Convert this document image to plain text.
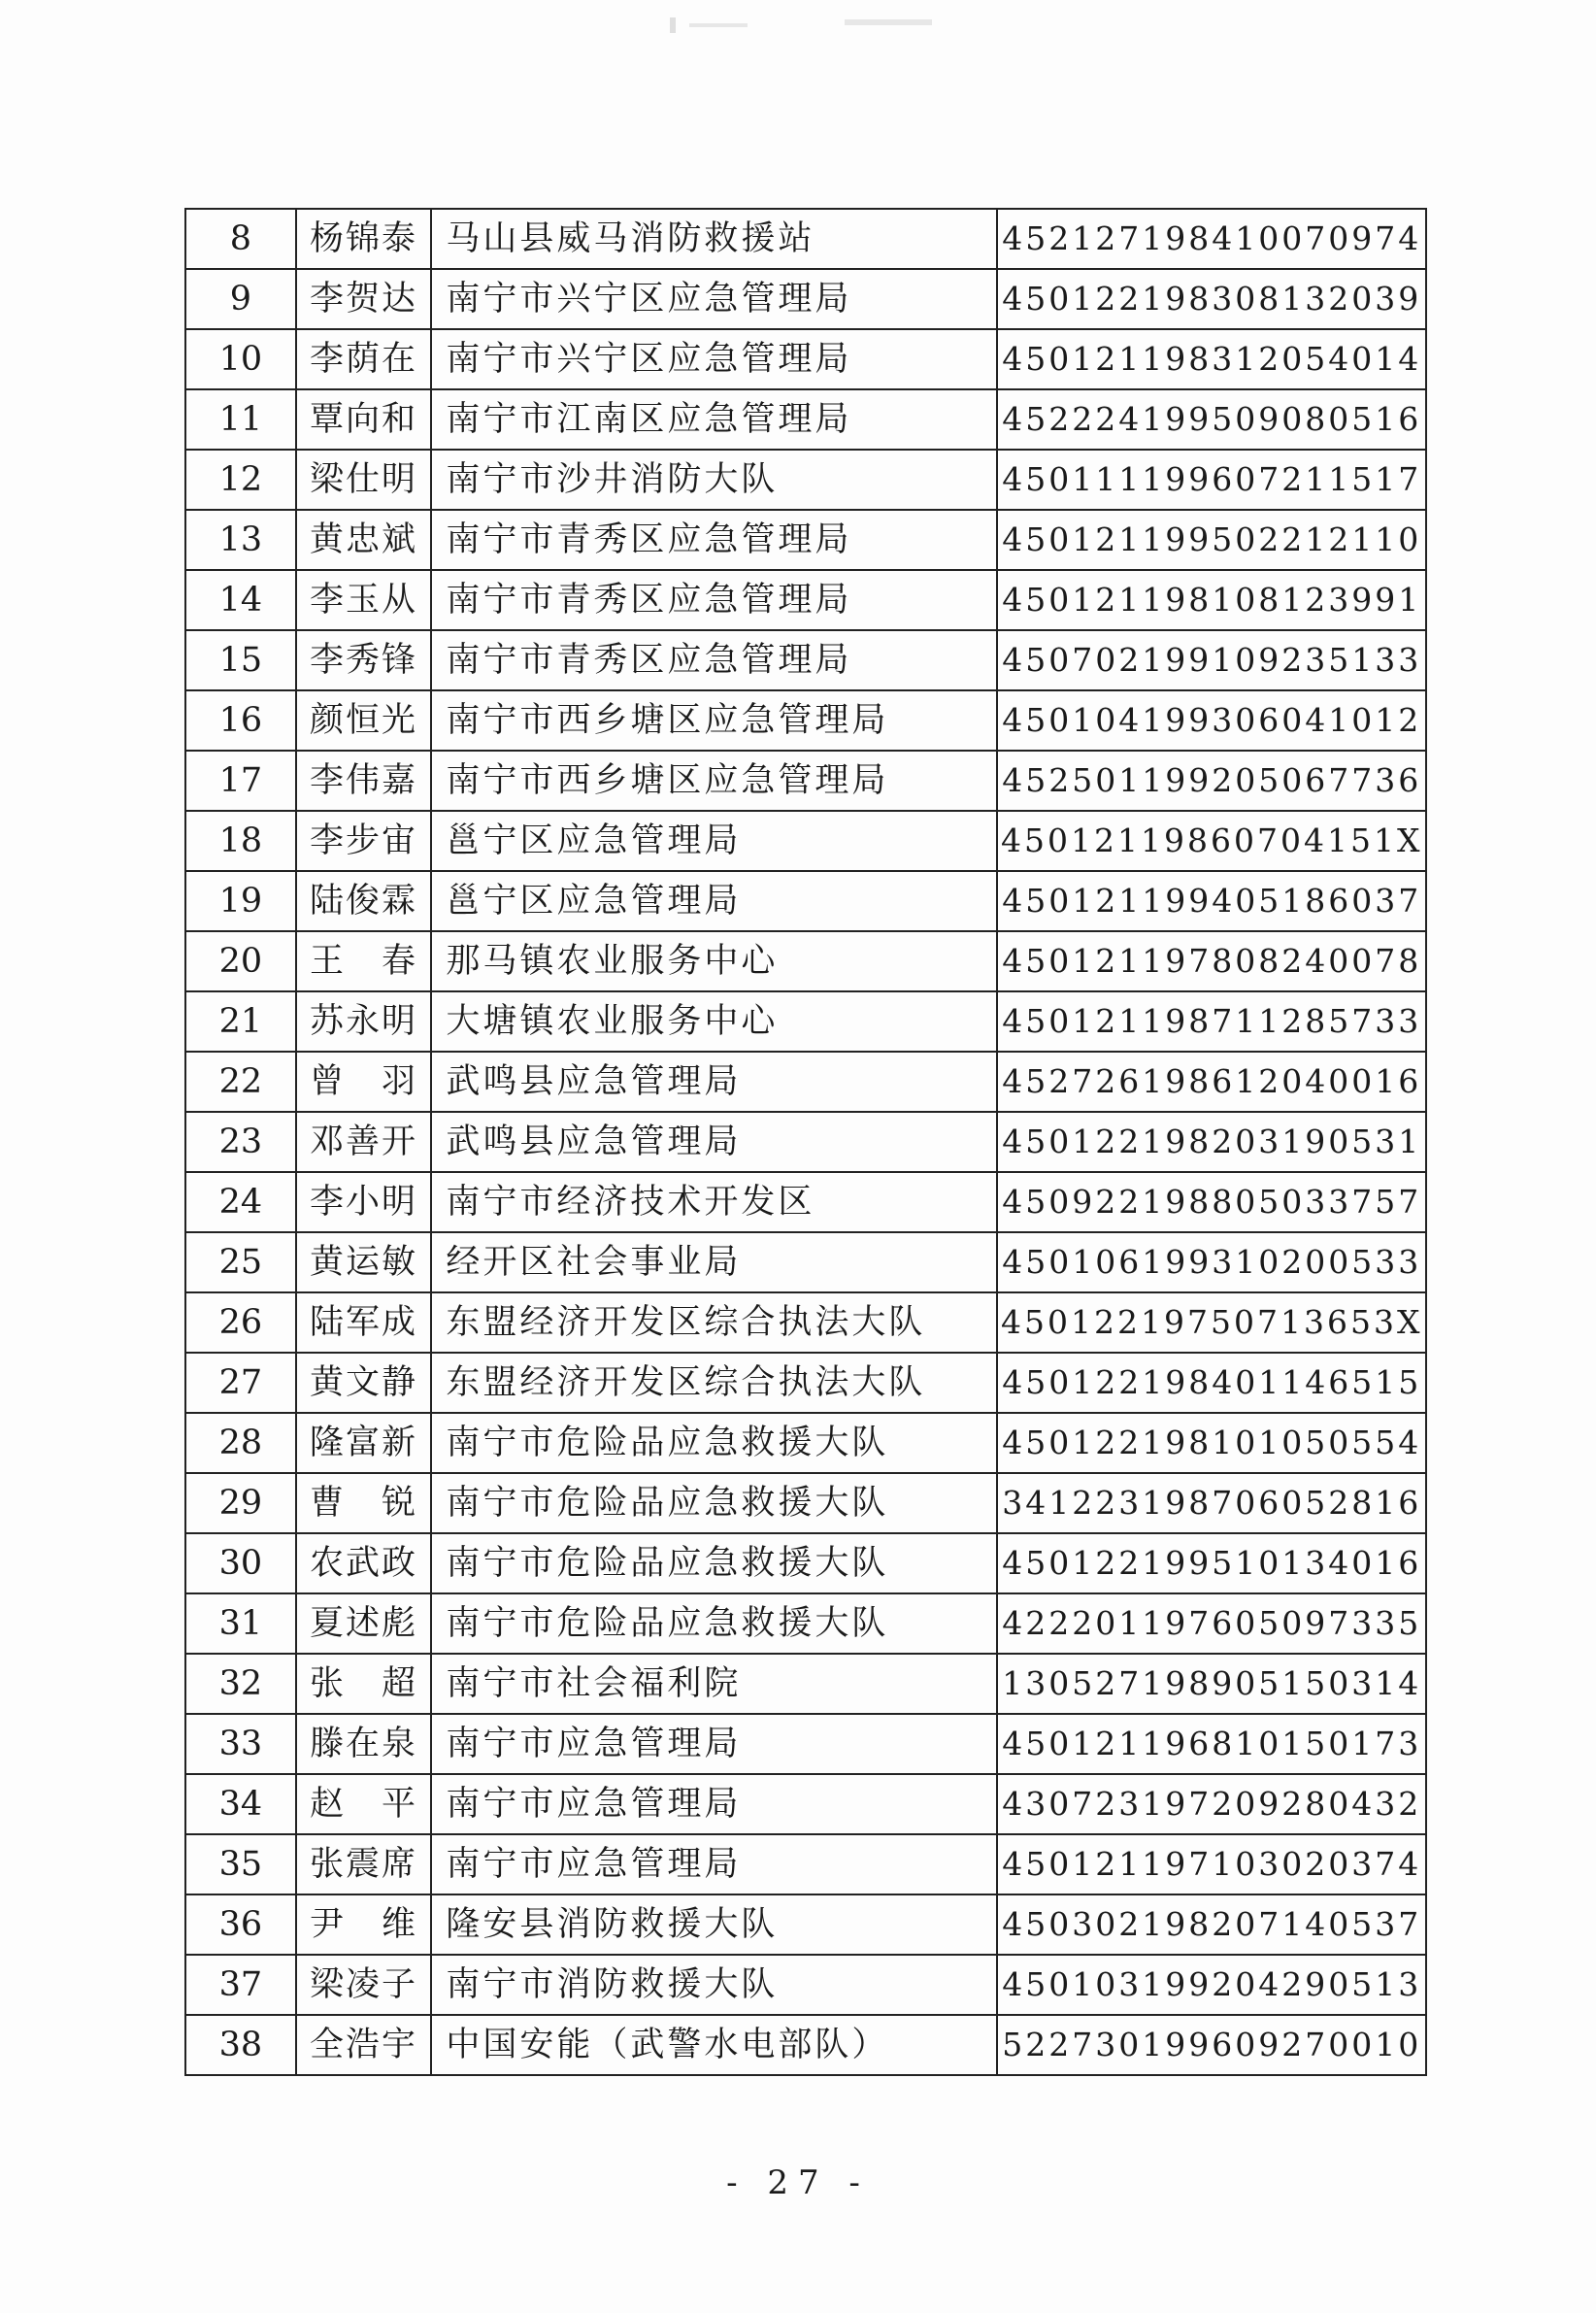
8	杨锦泰	马山县威马消防救援站	452127198410070974
9	李贺达	南宁市兴宁区应急管理局	450122198308132039
10	李荫在	南宁市兴宁区应急管理局	450121198312054014
11	覃向和	南宁市江南区应急管理局	452224199509080516
12	梁仕明	南宁市沙井消防大队	450111199607211517
13	黄忠斌	南宁市青秀区应急管理局	450121199502212110
14	李玉从	南宁市青秀区应急管理局	450121198108123991
15	李秀锋	南宁市青秀区应急管理局	450702199109235133
16	颜恒光	南宁市西乡塘区应急管理局	450104199306041012
17	李伟嘉	南宁市西乡塘区应急管理局	452501199205067736
18	李步宙	邕宁区应急管理局	45012119860704151X
19	陆俊霖	邕宁区应急管理局	450121199405186037
20	王　春	那马镇农业服务中心	450121197808240078
21	苏永明	大塘镇农业服务中心	450121198711285733
22	曾　羽	武鸣县应急管理局	452726198612040016
23	邓善开	武鸣县应急管理局	450122198203190531
24	李小明	南宁市经济技术开发区	450922198805033757
25	黄运敏	经开区社会事业局	450106199310200533
26	陆军成	东盟经济开发区综合执法大队	45012219750713653X
27	黄文静	东盟经济开发区综合执法大队	450122198401146515
28	隆富新	南宁市危险品应急救援大队	450122198101050554
29	曹　锐	南宁市危险品应急救援大队	341223198706052816
30	农武政	南宁市危险品应急救援大队	450122199510134016
31	夏述彪	南宁市危险品应急救援大队	422201197605097335
32	张　超	南宁市社会福利院	130527198905150314
33	滕在泉	南宁市应急管理局	450121196810150173
34	赵　平	南宁市应急管理局	430723197209280432
35	张震席	南宁市应急管理局	450121197103020374
36	尹　维	隆安县消防救援大队	450302198207140537
37	梁凌子	南宁市消防救援大队	450103199204290513
38	全浩宇	中国安能（武警水电部队）	522730199609270010
- 27 -
